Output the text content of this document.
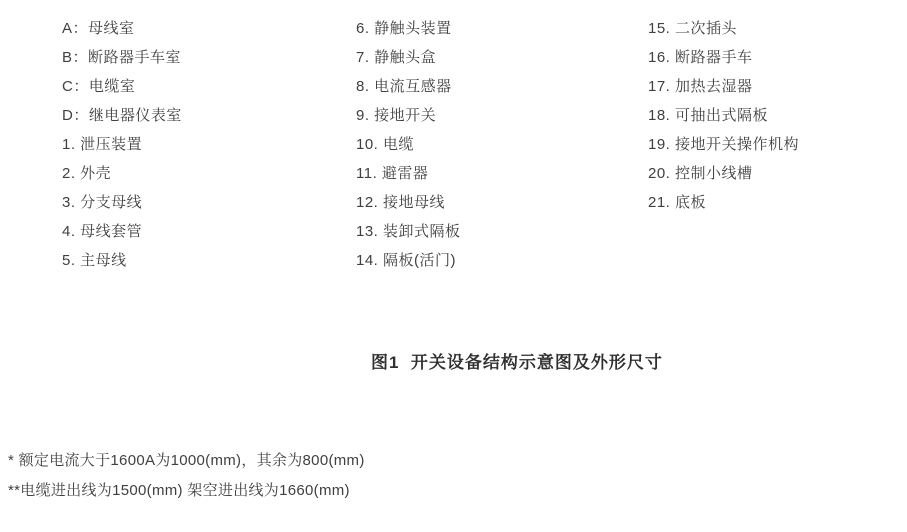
A：母线室
B：断路器手车室
C：电缆室
D：继电器仪表室
1. 泄压装置
2. 外壳
3. 分支母线
4. 母线套管
5. 主母线
6. 静触头装置
7. 静触头盒
8. 电流互感器
9. 接地开关
10. 电缆
11. 避雷器
12. 接地母线
13. 装卸式隔板
14. 隔板(活门)
15. 二次插头
16. 断路器手车
17. 加热去湿器
18. 可抽出式隔板
19. 接地开关操作机构
20. 控制小线槽
21. 底板
图1  开关设备结构示意图及外形尺寸
* 额定电流大于1600A为1000(mm)，其余为800(mm)
**电缆进出线为1500(mm) 架空进出线为1660(mm)
